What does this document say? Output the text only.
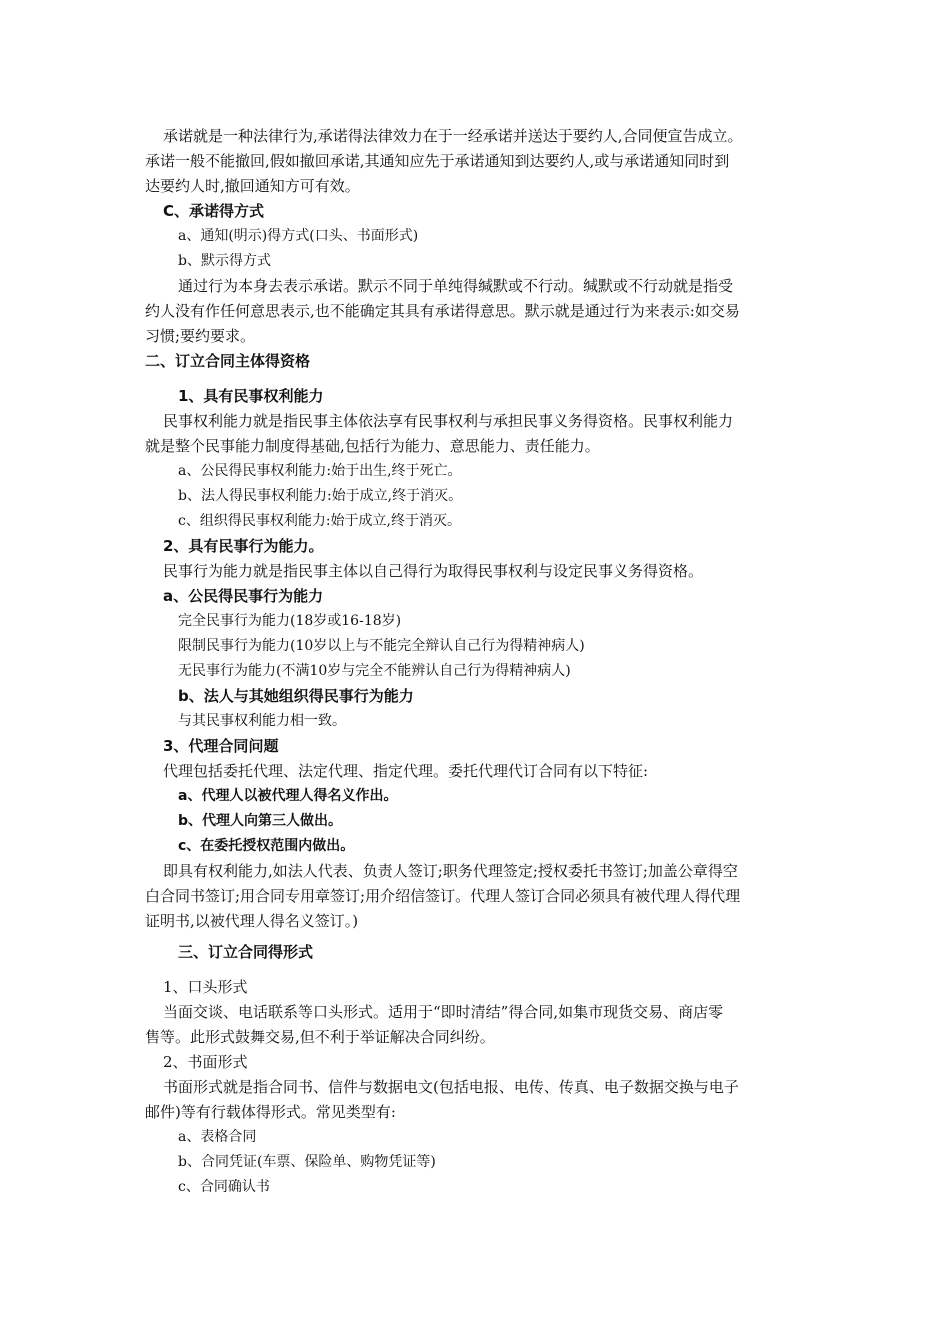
承诺就是一种法律行为,承诺得法律效力在于一经承诺并送达于要约人,合同便宣告成立。
承诺一般不能撤回,假如撤回承诺,其通知应先于承诺通知到达要约人,或与承诺通知同时到
达要约人时,撤回通知方可有效。
C、承诺得方式
a、通知(明示)得方式(口头、书面形式)
b、默示得方式
通过行为本身去表示承诺。默示不同于单纯得缄默或不行动。缄默或不行动就是指受
约人没有作任何意思表示,也不能确定其具有承诺得意思。默示就是通过行为来表示:如交易
习惯;要约要求。
二、订立合同主体得资格
1、具有民事权利能力
民事权利能力就是指民事主体依法享有民事权利与承担民事义务得资格。民事权利能力
就是整个民事能力制度得基础,包括行为能力、意思能力、责任能力。
a、公民得民事权利能力:始于出生,终于死亡。
b、法人得民事权利能力:始于成立,终于消灭。
c、组织得民事权利能力:始于成立,终于消灭。
2、具有民事行为能力。
民事行为能力就是指民事主体以自己得行为取得民事权利与设定民事义务得资格。
a、公民得民事行为能力
完全民事行为能力(18岁或16-18岁)
限制民事行为能力(10岁以上与不能完全辩认自己行为得精神病人)
无民事行为能力(不满10岁与完全不能辨认自己行为得精神病人)
b、法人与其她组织得民事行为能力
与其民事权利能力相一致。
3、代理合同问题
代理包括委托代理、法定代理、指定代理。委托代理代订合同有以下特征:
a、代理人以被代理人得名义作出。
b、代理人向第三人做出。
c、在委托授权范围内做出。
即具有权利能力,如法人代表、负责人签订;职务代理签定;授权委托书签订;加盖公章得空
白合同书签订;用合同专用章签订;用介绍信签订。代理人签订合同必须具有被代理人得代理
证明书,以被代理人得名义签订。)
三、订立合同得形式
1、口头形式
当面交谈、电话联系等口头形式。适用于“即时清结”得合同,如集市现货交易、商店零
售等。此形式鼓舞交易,但不利于举证解决合同纠纷。
2、书面形式
书面形式就是指合同书、信件与数据电文(包括电报、电传、传真、电子数据交换与电子
邮件)等有行载体得形式。常见类型有:
a、表格合同
b、合同凭证(车票、保险单、购物凭证等)
c、合同确认书
